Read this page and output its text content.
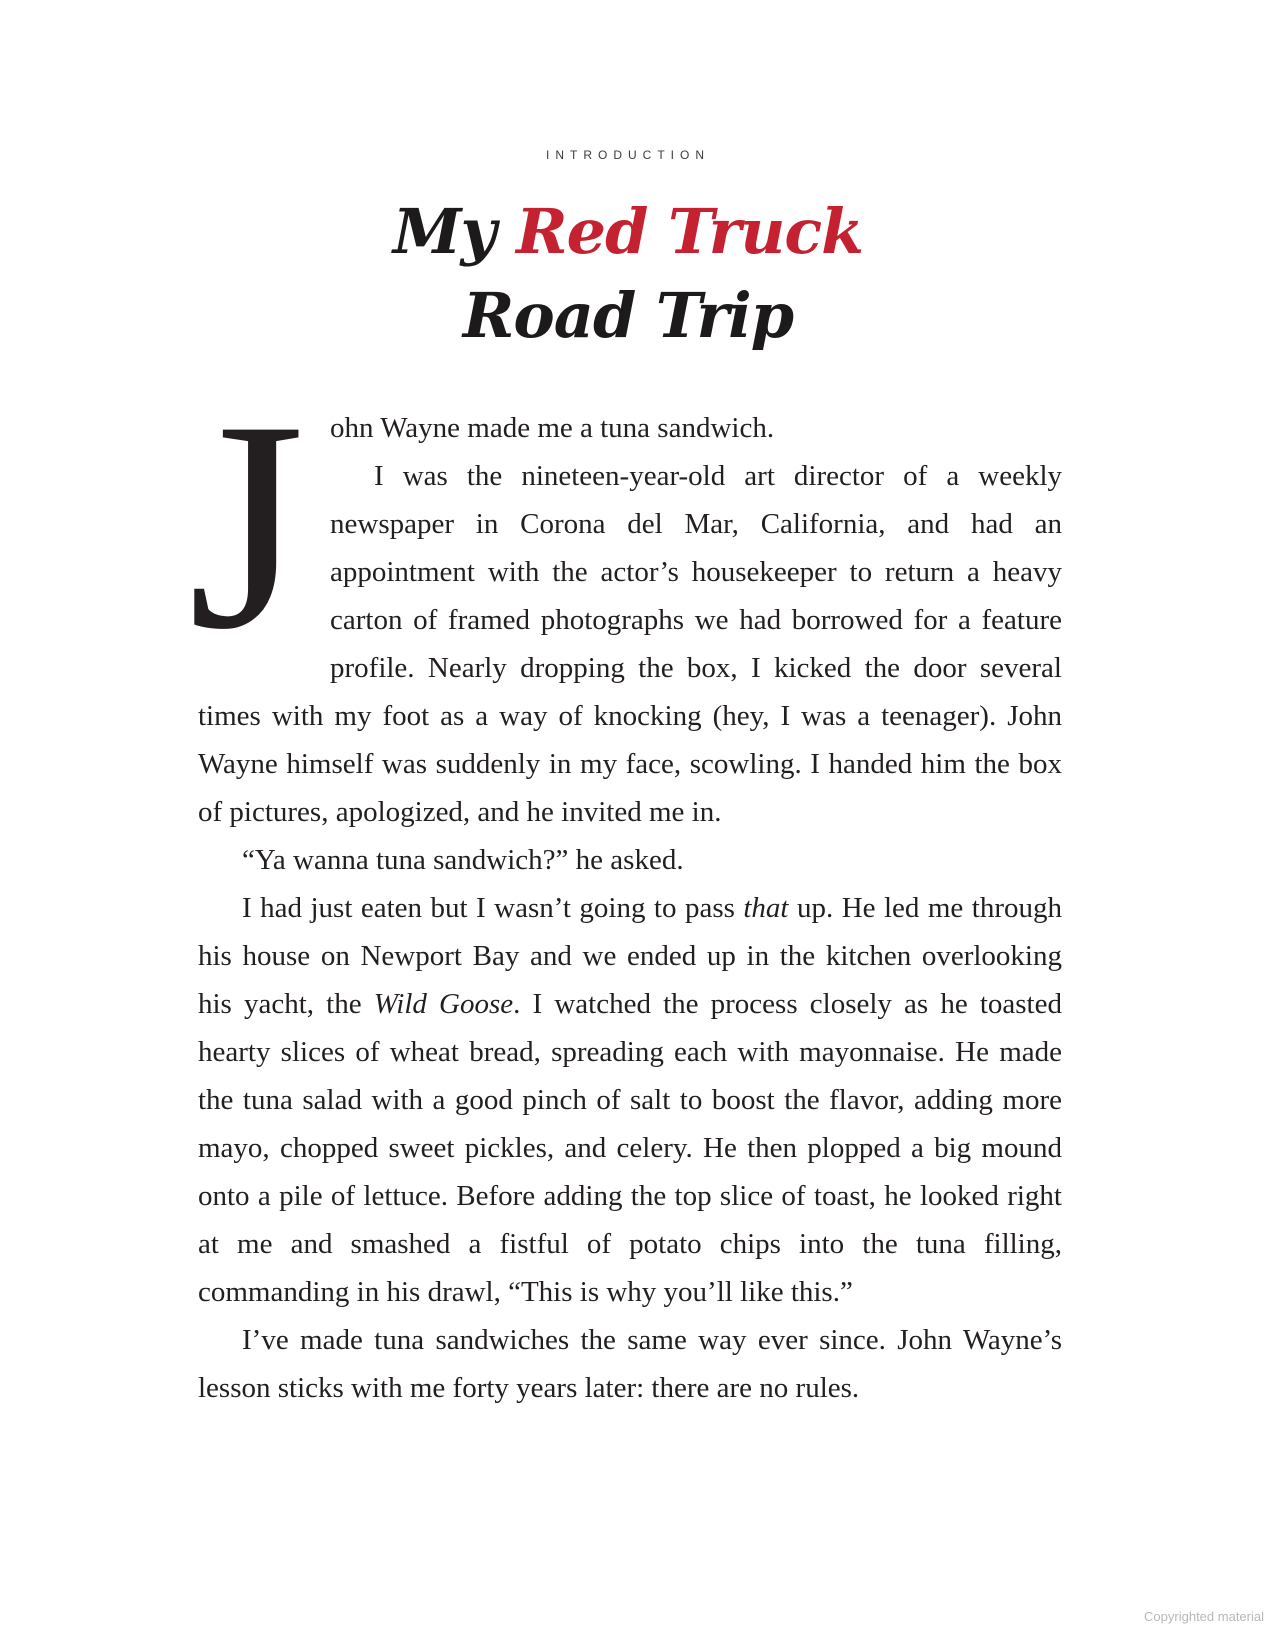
INTRODUCTION
My Red Truck
Road Trip
J ohn Wayne made me a tuna sandwich.

I was the nineteen-year-old art director of a weekly newspaper in Corona del Mar, California, and had an appointment with the actor’s housekeeper to return a heavy carton of framed photographs we had borrowed for a feature profile. Nearly dropping the box, I kicked the door several times with my foot as a way of knocking (hey, I was a teenager). John Wayne himself was suddenly in my face, scowling. I handed him the box of pictures, apologized, and he invited me in.

“Ya wanna tuna sandwich?” he asked.

I had just eaten but I wasn’t going to pass that up. He led me through his house on Newport Bay and we ended up in the kitchen overlooking his yacht, the Wild Goose. I watched the process closely as he toasted hearty slices of wheat bread, spreading each with mayonnaise. He made the tuna salad with a good pinch of salt to boost the flavor, adding more mayo, chopped sweet pickles, and celery. He then plopped a big mound onto a pile of lettuce. Before adding the top slice of toast, he looked right at me and smashed a fistful of potato chips into the tuna filling, commanding in his drawl, “This is why you’ll like this.”

I’ve made tuna sandwiches the same way ever since. John Wayne’s lesson sticks with me forty years later: there are no rules.

Copyrighted material
